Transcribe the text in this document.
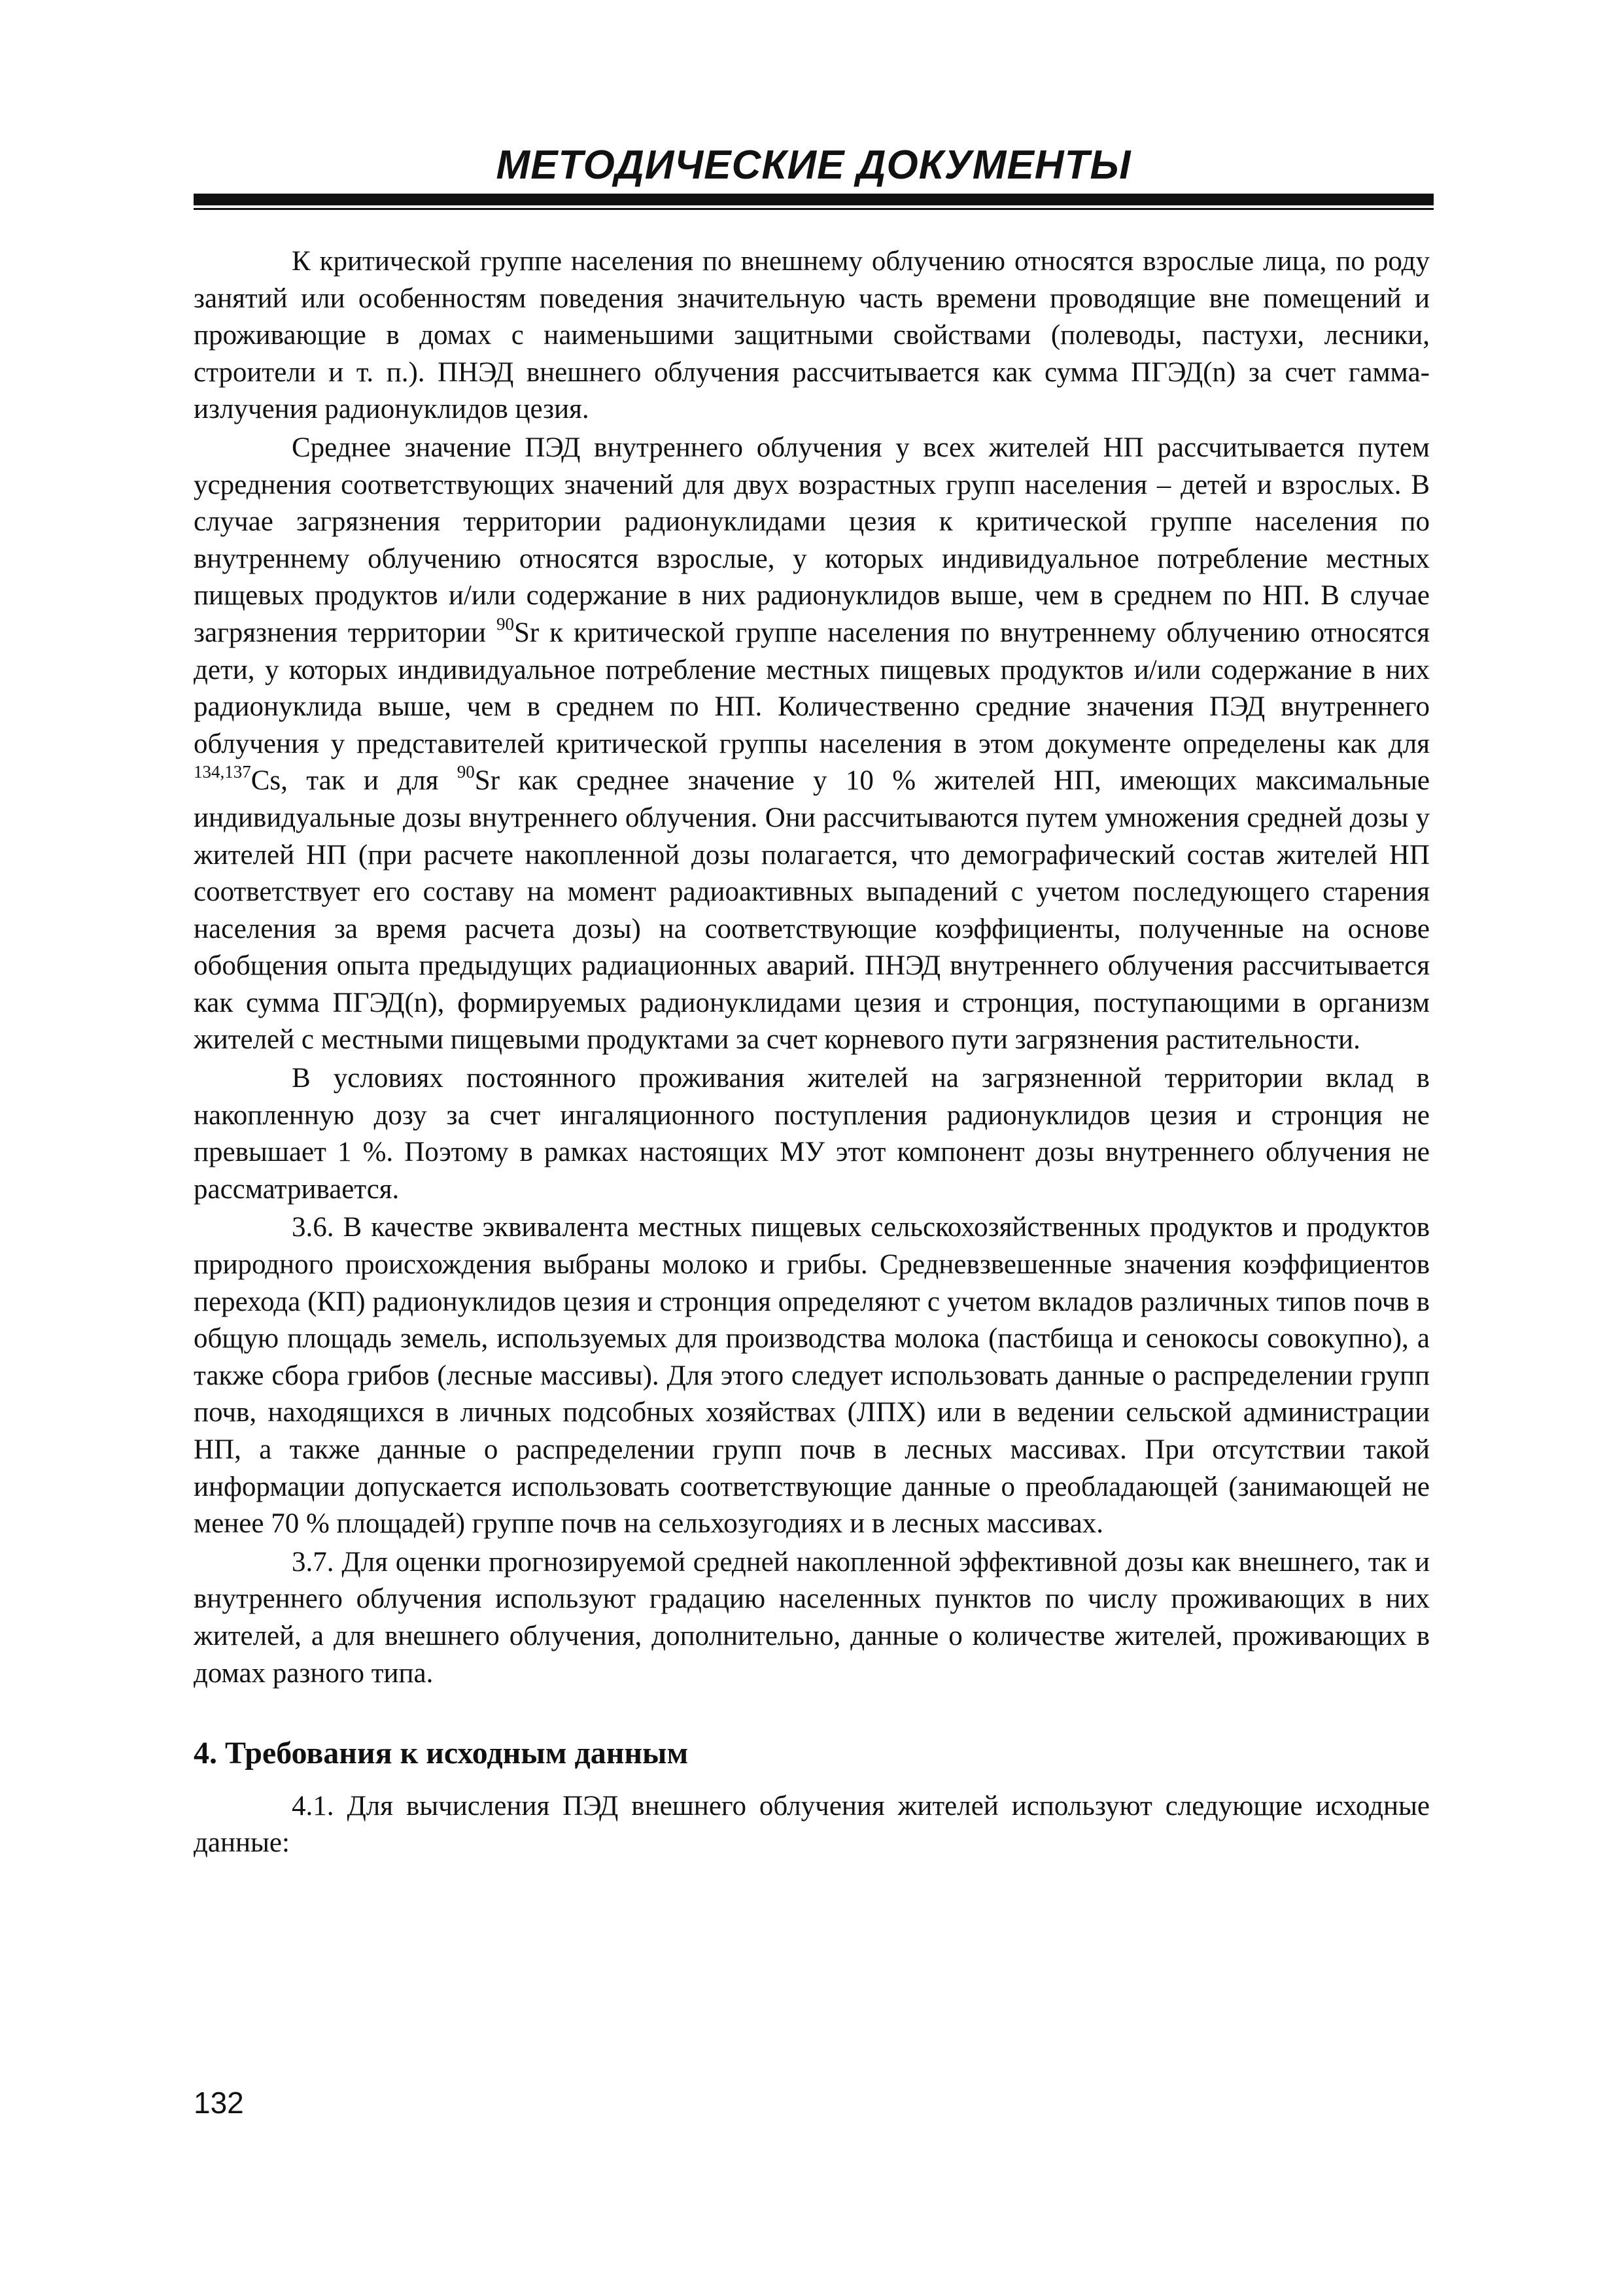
МЕТОДИЧЕСКИЕ ДОКУМЕНТЫ

К критической группе населения по внешнему облучению относятся взрослые лица, по роду занятий или особенностям поведения значительную часть времени проводящие вне помещений и проживающие в домах с наименьшими защитными свойствами (полеводы, пастухи, лесники, строители и т. п.). ПНЭД внешнего облучения рассчитывается как сумма ПГЭД(n) за счет гамма-излучения радионуклидов цезия.

Среднее значение ПЭД внутреннего облучения у всех жителей НП рассчитывается путем усреднения соответствующих значений для двух возрастных групп населения – детей и взрослых. В случае загрязнения территории радионуклидами цезия к критической группе населения по внутреннему облучению относятся взрослые, у которых индивидуальное потребление местных пищевых продуктов и/или содержание в них радионуклидов выше, чем в среднем по НП. В случае загрязнения территории $^{90}$Sr к критической группе населения по внутреннему облучению относятся дети, у которых индивидуальное потребление местных пищевых продуктов и/или содержание в них радионуклида выше, чем в среднем по НП. Количественно средние значения ПЭД внутреннего облучения у представителей критической группы населения в этом документе определены как для $^{134,137}$Cs, так и для $^{90}$Sr как среднее значение у 10 % жителей НП, имеющих максимальные индивидуальные дозы внутреннего облучения. Они рассчитываются путем умножения средней дозы у жителей НП (при расчете накопленной дозы полагается, что демографический состав жителей НП соответствует его составу на момент радиоактивных выпадений с учетом последующего старения населения за время расчета дозы) на соответствующие коэффициенты, полученные на основе обобщения опыта предыдущих радиационных аварий. ПНЭД внутреннего облучения рассчитывается как сумма ПГЭД(n), формируемых радионуклидами цезия и стронция, поступающими в организм жителей с местными пищевыми продуктами за счет корневого пути загрязнения растительности.

В условиях постоянного проживания жителей на загрязненной территории вклад в накопленную дозу за счет ингаляционного поступления радионуклидов цезия и стронция не превышает 1 %. Поэтому в рамках настоящих МУ этот компонент дозы внутреннего облучения не рассматривается.

3.6. В качестве эквивалента местных пищевых сельскохозяйственных продуктов и продуктов природного происхождения выбраны молоко и грибы. Средневзвешенные значения коэффициентов перехода (КП) радионуклидов цезия и стронция определяют с учетом вкладов различных типов почв в общую площадь земель, используемых для производства молока (пастбища и сенокосы совокупно), а также сбора грибов (лесные массивы). Для этого следует использовать данные о распределении групп почв, находящихся в личных подсобных хозяйствах (ЛПХ) или в ведении сельской администрации НП, а также данные о распределении групп почв в лесных массивах. При отсутствии такой информации допускается использовать соответствующие данные о преобладающей (занимающей не менее 70 % площадей) группе почв на сельхозугодиях и в лесных массивах.

3.7. Для оценки прогнозируемой средней накопленной эффективной дозы как внешнего, так и внутреннего облучения используют градацию населенных пунктов по числу проживающих в них жителей, а для внешнего облучения, дополнительно, данные о количестве жителей, проживающих в домах разного типа.

4. Требования к исходным данным

4.1. Для вычисления ПЭД внешнего облучения жителей используют следующие исходные данные:

132
